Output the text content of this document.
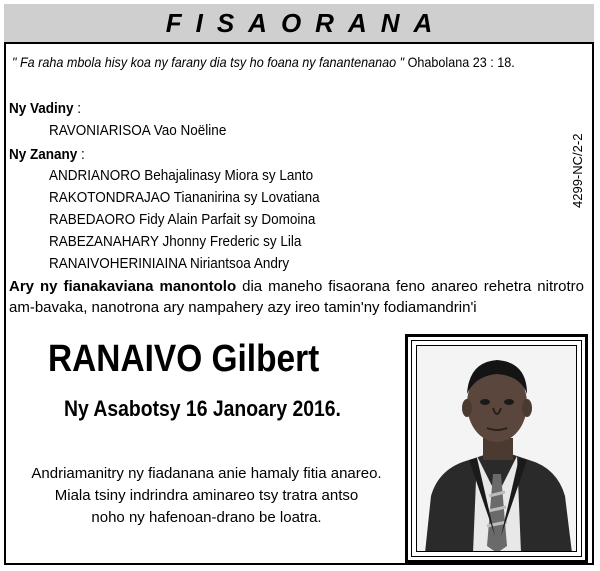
FISAORANA
" Fa raha mbola hisy koa ny farany dia tsy ho foana ny fanantenanao " Ohabolana 23 : 18.
Ny Vadiny :
RAVONIARISOA Vao Noëline
Ny Zanany :
ANDRIANORO Behajalinasy Miora sy Lanto
RAKOTONDRAJAO Tiananirina sy Lovatiana
RABEDAORO Fidy Alain Parfait sy Domoina
RABEZANAHARY Jhonny Frederic sy Lila
RANAIVOHERINIAINA Niriantsoa Andry
4299-NC/2-2
Ary ny fianakaviana manontolo dia maneho fisaorana feno anareo rehetra nitrotro am-bavaka, nanotrona ary nampahery azy ireo tamin'ny fodiamandrin'i
RANAIVO Gilbert
Ny Asabotsy 16 Janoary 2016.
Andriamanitry ny fiadanana anie hamaly fitia anareo.
Miala tsiny indrindra aminareo tsy tratra antso
noho ny hafenoan-drano be loatra.
